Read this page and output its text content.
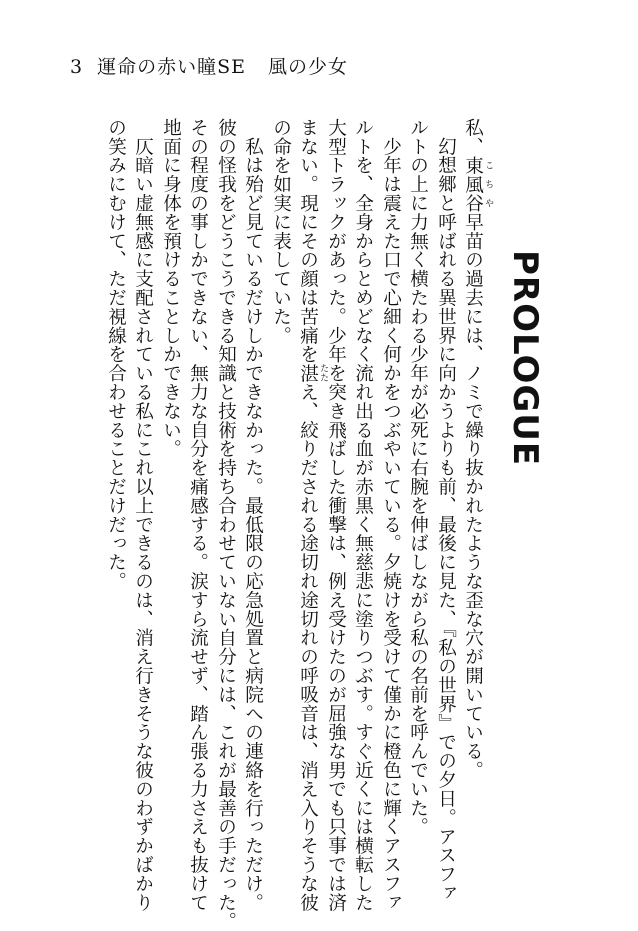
3 運命の赤い瞳SE 風の少女
PROLOGUE
私、東風谷 こちや早苗の過去には、ノミで繰り抜かれたような歪な穴が開いている。
　幻想郷と呼ばれる異世界に向かうよりも前、最後に見た、『私の世界』での夕日。アスファ
ルトの上に力無く横たわる少年が必死に右腕を伸ばしながら私の名前を呼んでいた。
　少年は震えた口で心細く何かをつぶやいている。夕焼けを受けて僅かに橙色に輝くアスファ
ルトを、全身からとめどなく流れ出る血が赤黒く無慈悲に塗りつぶす。すぐ近くには横転した
大型トラックがあった。少年を突き飛ばした衝撃は、例え受けたのが屈強な男でも只事では済
まない。現にその顔は苦痛を湛 たたえ、絞りだされる途切れ途切れの呼吸音は、消え入りそうな彼
の命を如実に表していた。
　私は殆ど見ているだけしかできなかった。最低限の応急処置と病院への連絡を行っただけ。
彼の怪我をどうこうできる知識と技術を持ち合わせていない自分には、これが最善の手だった。
その程度の事しかできない、無力な自分を痛感する。涙すら流せず、踏ん張る力さえも抜けて
地面に身体を預けることしかできない。
　仄暗い虚無感に支配されている私にこれ以上できるのは、消え行きそうな彼のわずかばかり
の笑みにむけて、ただ視線を合わせることだけだった。
